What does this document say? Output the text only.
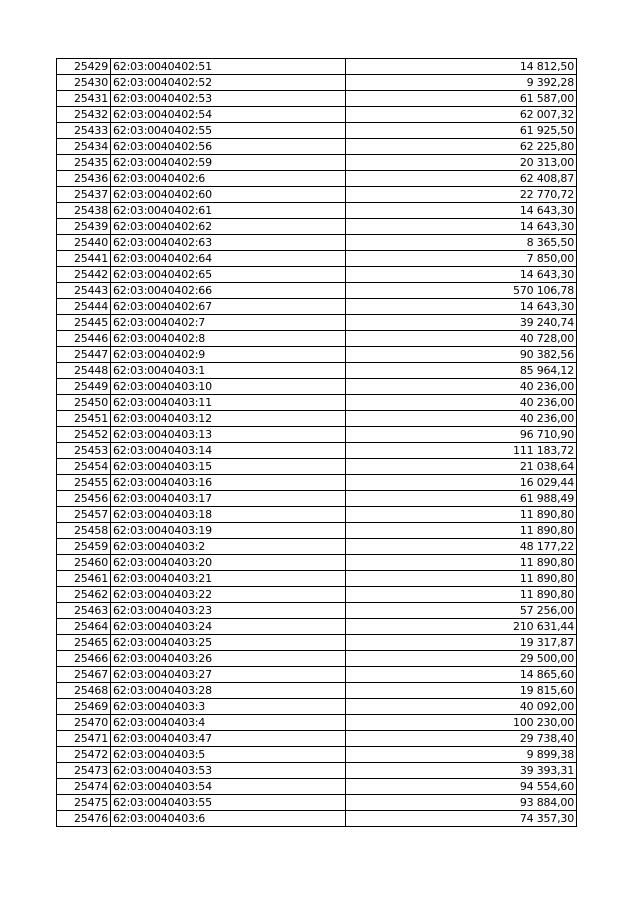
25429	62:03:0040402:51	14 812,50
25430	62:03:0040402:52	9 392,28
25431	62:03:0040402:53	61 587,00
25432	62:03:0040402:54	62 007,32
25433	62:03:0040402:55	61 925,50
25434	62:03:0040402:56	62 225,80
25435	62:03:0040402:59	20 313,00
25436	62:03:0040402:6	62 408,87
25437	62:03:0040402:60	22 770,72
25438	62:03:0040402:61	14 643,30
25439	62:03:0040402:62	14 643,30
25440	62:03:0040402:63	8 365,50
25441	62:03:0040402:64	7 850,00
25442	62:03:0040402:65	14 643,30
25443	62:03:0040402:66	570 106,78
25444	62:03:0040402:67	14 643,30
25445	62:03:0040402:7	39 240,74
25446	62:03:0040402:8	40 728,00
25447	62:03:0040402:9	90 382,56
25448	62:03:0040403:1	85 964,12
25449	62:03:0040403:10	40 236,00
25450	62:03:0040403:11	40 236,00
25451	62:03:0040403:12	40 236,00
25452	62:03:0040403:13	96 710,90
25453	62:03:0040403:14	111 183,72
25454	62:03:0040403:15	21 038,64
25455	62:03:0040403:16	16 029,44
25456	62:03:0040403:17	61 988,49
25457	62:03:0040403:18	11 890,80
25458	62:03:0040403:19	11 890,80
25459	62:03:0040403:2	48 177,22
25460	62:03:0040403:20	11 890,80
25461	62:03:0040403:21	11 890,80
25462	62:03:0040403:22	11 890,80
25463	62:03:0040403:23	57 256,00
25464	62:03:0040403:24	210 631,44
25465	62:03:0040403:25	19 317,87
25466	62:03:0040403:26	29 500,00
25467	62:03:0040403:27	14 865,60
25468	62:03:0040403:28	19 815,60
25469	62:03:0040403:3	40 092,00
25470	62:03:0040403:4	100 230,00
25471	62:03:0040403:47	29 738,40
25472	62:03:0040403:5	9 899,38
25473	62:03:0040403:53	39 393,31
25474	62:03:0040403:54	94 554,60
25475	62:03:0040403:55	93 884,00
25476	62:03:0040403:6	74 357,30
